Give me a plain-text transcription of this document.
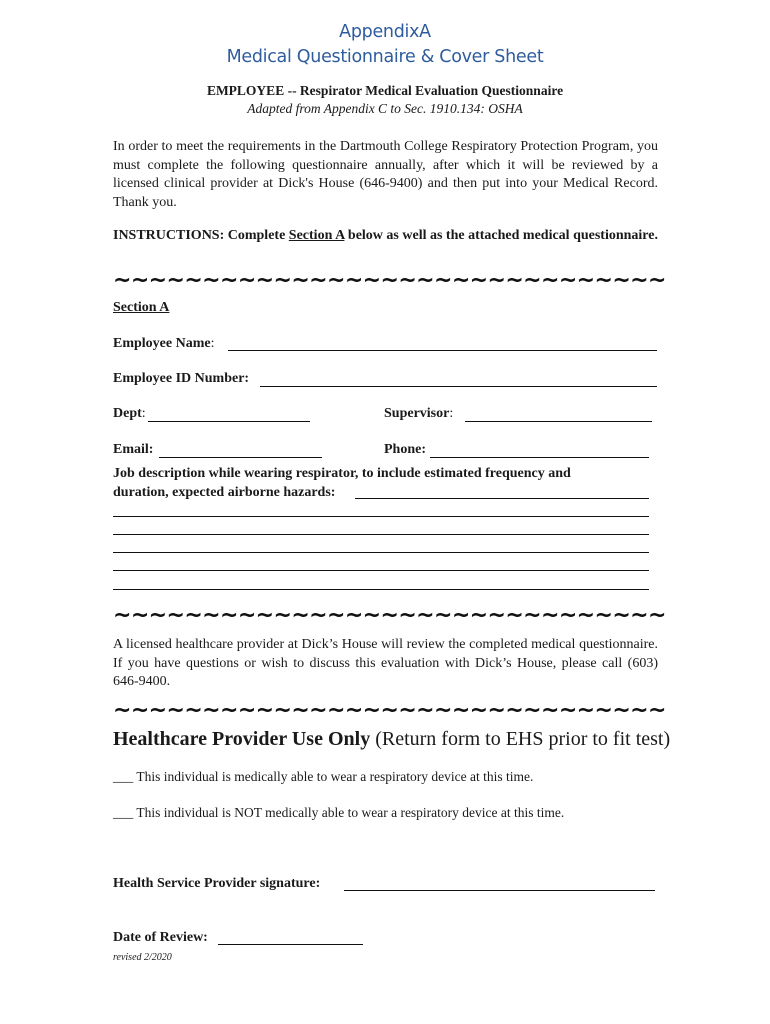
AppendixA
Medical Questionnaire & Cover Sheet
EMPLOYEE -- Respirator Medical Evaluation Questionnaire
Adapted from Appendix C to Sec. 1910.134: OSHA
In order to meet the requirements in the Dartmouth College Respiratory Protection Program, you must complete the following questionnaire annually, after which it will be reviewed by a licensed clinical provider at Dick's House (646-9400) and then put into your Medical Record. Thank you.
INSTRUCTIONS: Complete Section A below as well as the attached medical questionnaire.
~~~~~~~~~~~~~~~~~~~~~~~~~~~~~~~
Section A
Employee Name:
Employee ID Number:
Dept:	Supervisor:
Email:	Phone:
Job description while wearing respirator, to include estimated frequency and
duration, expected airborne hazards:
~~~~~~~~~~~~~~~~~~~~~~~~~~~~~~~
A licensed healthcare provider at Dick’s House will review the completed medical questionnaire. If you have questions or wish to discuss this evaluation with Dick’s House, please call (603) 646-9400.
~~~~~~~~~~~~~~~~~~~~~~~~~~~~~~~
Healthcare Provider Use Only (Return form to EHS prior to fit test)
___ This individual is medically able to wear a respiratory device at this time.
___ This individual is NOT medically able to wear a respiratory device at this time.
Health Service Provider signature:
Date of Review:
revised 2/2020
